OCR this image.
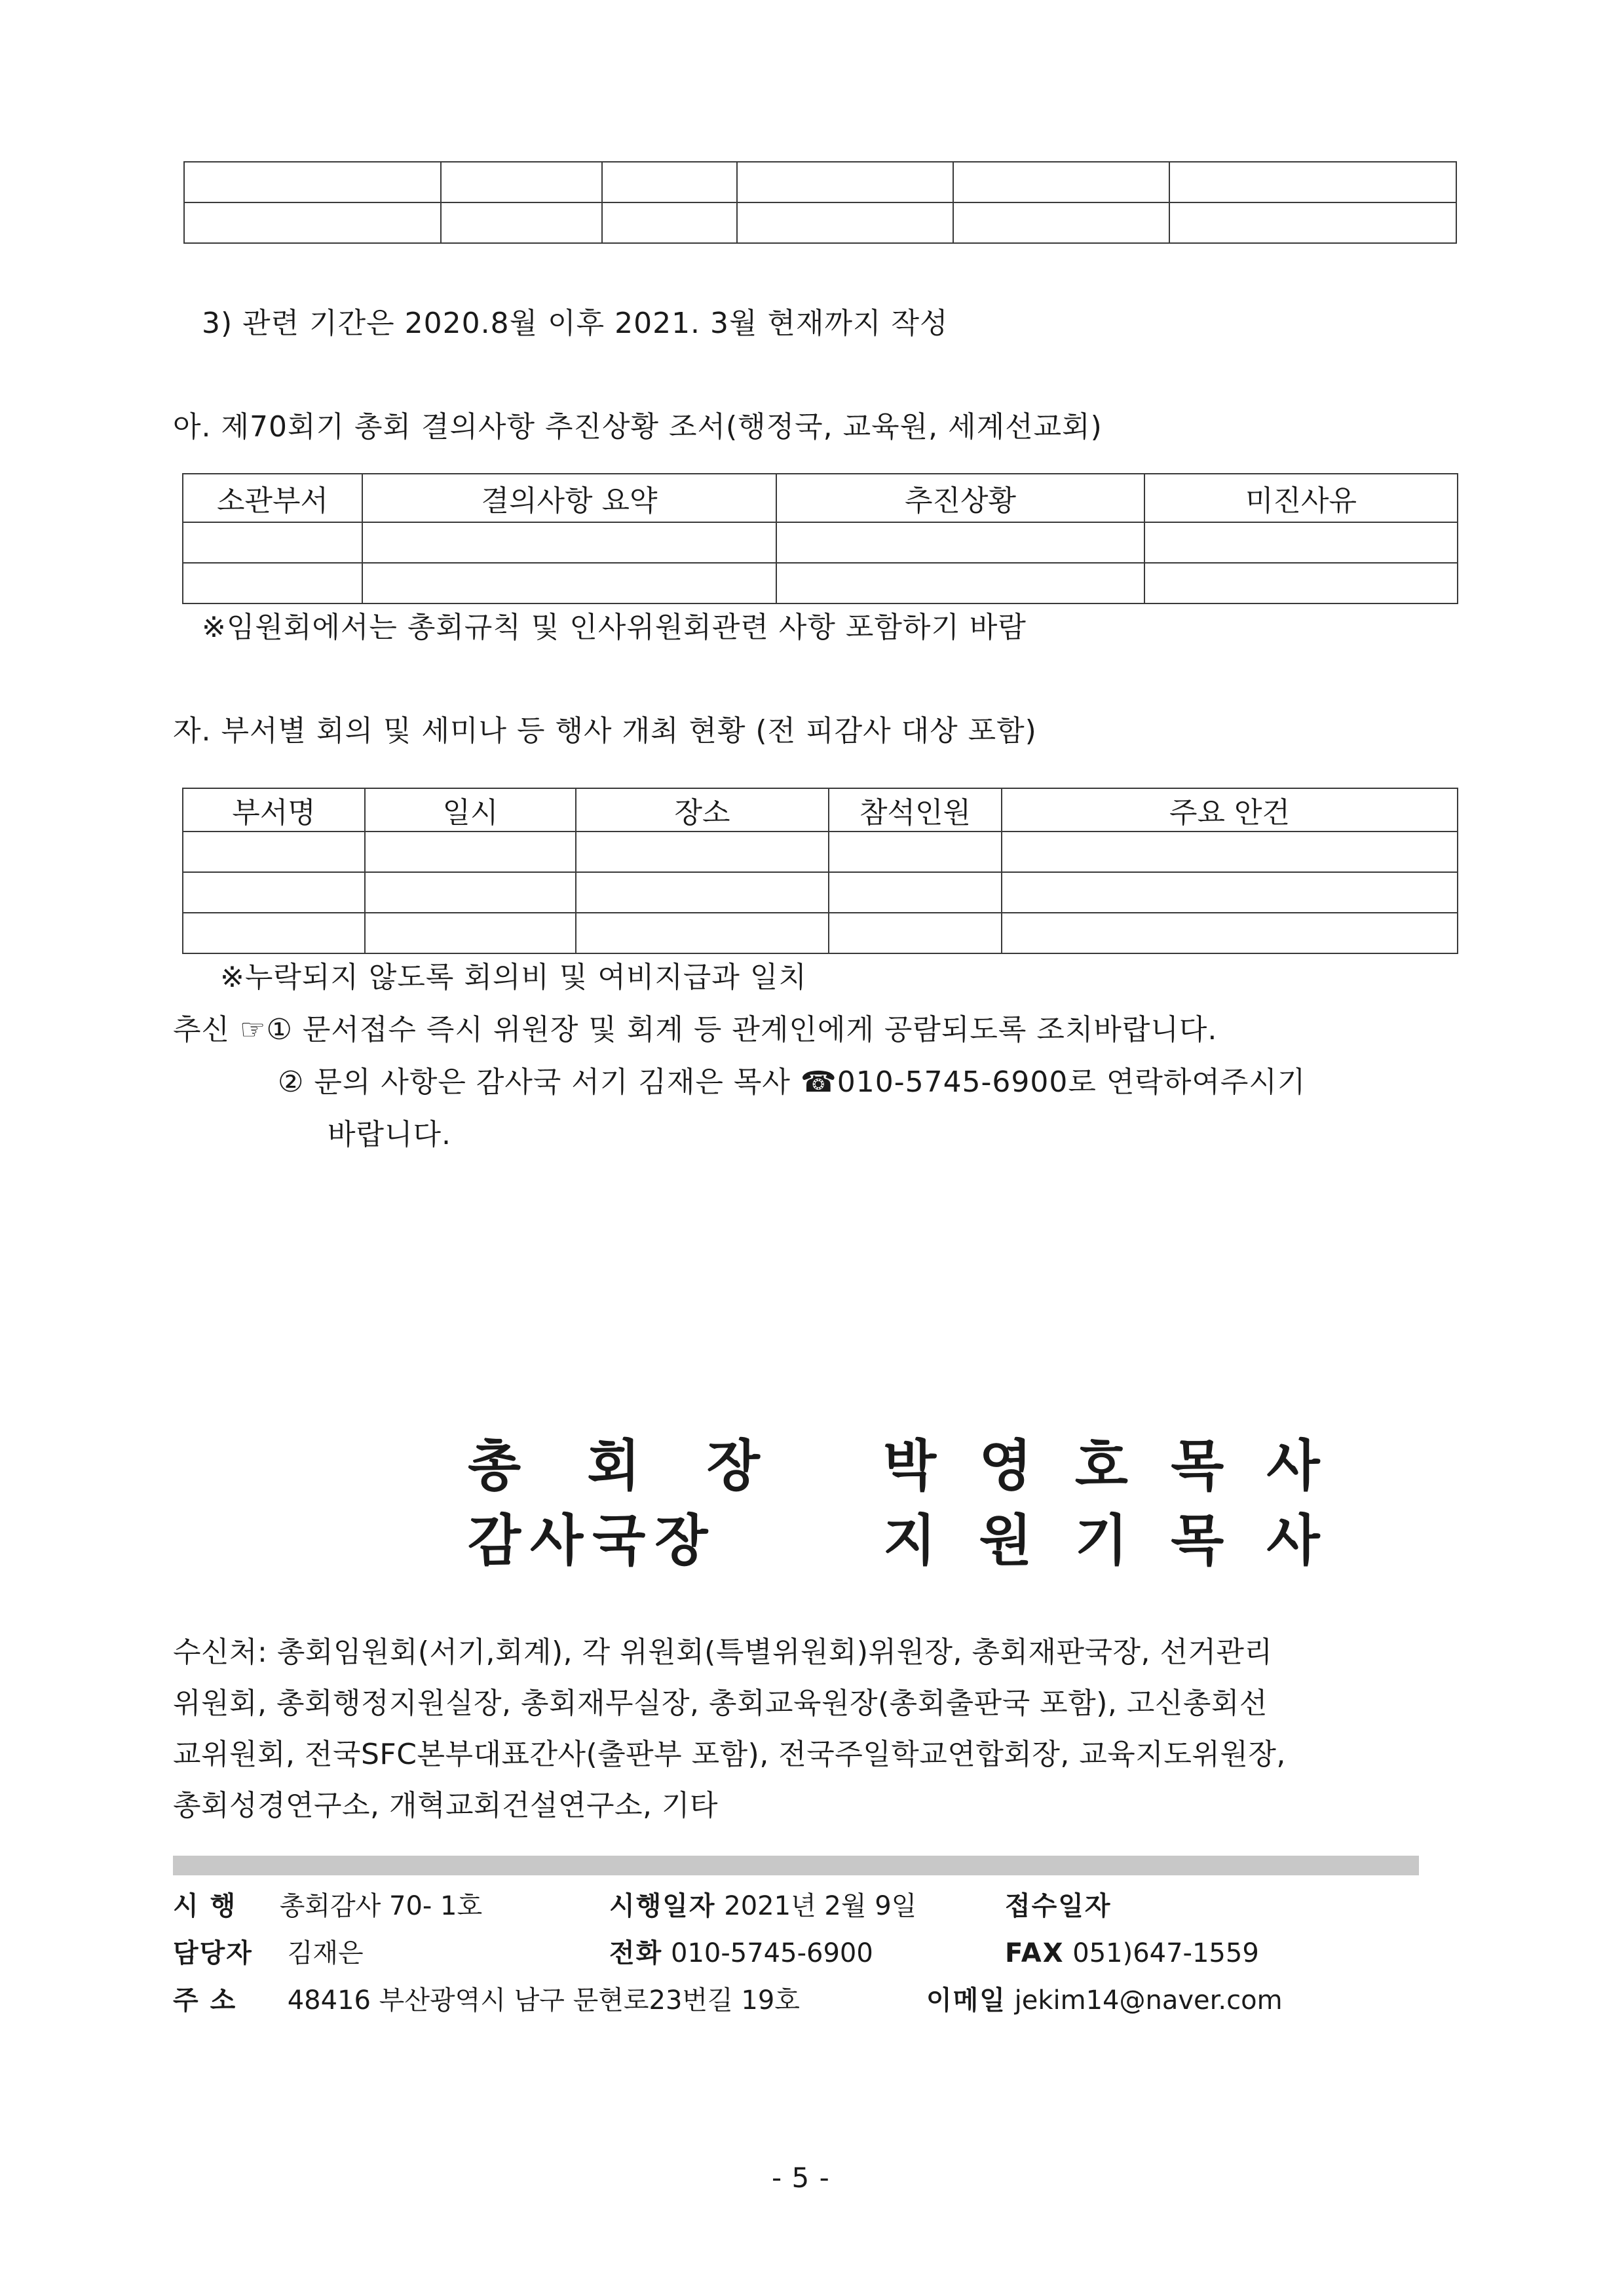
3) 관련 기간은 2020.8월 이후 2021. 3월 현재까지 작성
아. 제70회기 총회 결의사항 추진상황 조서(행정국, 교육원, 세계선교회)
소관부서	결의사항 요약	추진상황	미진사유

※임원회에서는 총회규칙 및 인사위원회관련 사항 포함하기 바람
자. 부서별 회의 및 세미나 등 행사 개최 현황 (전 피감사 대상 포함)
부서명	일시	장소	참석인원	주요 안건

※누락되지 않도록 회의비 및 여비지급과 일치
추신 ☞① 문서접수 즉시 위원장 및 회계 등 관계인에게 공람되도록 조치바랍니다.
② 문의 사항은 감사국 서기 김재은 목사 ☎010-5745-6900로 연락하여주시기
바랍니다.
총 회 장 박 영 호 목 사
감사국장	지 원 기 목 사
수신처: 총회임원회(서기,회계), 각 위원회(특별위원회)위원장, 총회재판국장, 선거관리
위원회, 총회행정지원실장, 총회재무실장, 총회교육원장(총회출판국 포함), 고신총회선
교위원회, 전국SFC본부대표간사(출판부 포함), 전국주일학교연합회장, 교육지도위원장,
총회성경연구소, 개혁교회건설연구소, 기타
시 행 총회감사 70- 1호	시행일자 2021년 2월 9일	접수일자
담당자 김재은	전화 010-5745-6900	FAX 051)647-1559
주 소 48416 부산광역시 남구 문현로23번길 19호	이메일 jekim14@naver.com
- 5 -
